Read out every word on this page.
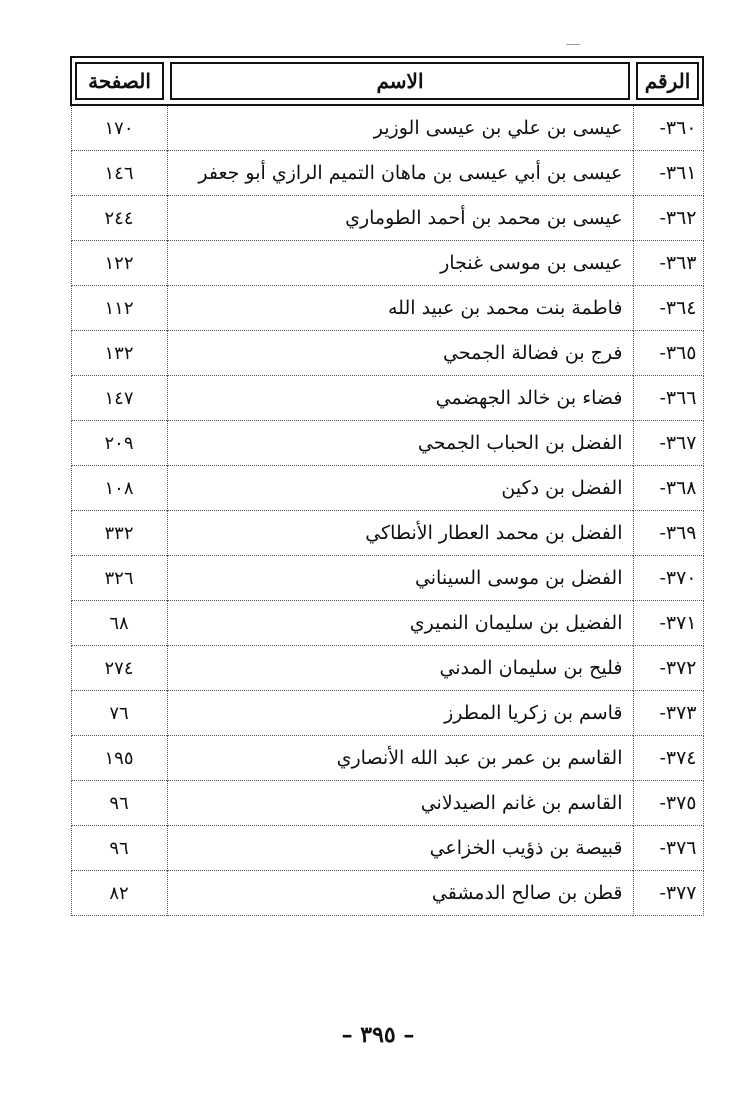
الرقم	الاسم	الصفحة

٣٦٠-	عيسى بن علي بن عيسى الوزير	١٧٠
٣٦١-	عيسى بن أبي عيسى بن ماهان التميم الرازي أبو جعفر	١٤٦
٣٦٢-	عيسى بن محمد بن أحمد الطوماري	٢٤٤
٣٦٣-	عيسى بن موسى غنجار	١٢٢
٣٦٤-	فاطمة بنت محمد بن عبيد الله	١١٢
٣٦٥-	فرج بن فضالة الجمحي	١٣٢
٣٦٦-	فضاء بن خالد الجهضمي	١٤٧
٣٦٧-	الفضل بن الحباب الجمحي	٢٠٩
٣٦٨-	الفضل بن دكين	١٠٨
٣٦٩-	الفضل بن محمد العطار الأنطاكي	٣٣٢
٣٧٠-	الفضل بن موسى السيناني	٣٢٦
٣٧١-	الفضيل بن سليمان النميري	٦٨
٣٧٢-	فليح بن سليمان المدني	٢٧٤
٣٧٣-	قاسم بن زكريا المطرز	٧٦
٣٧٤-	القاسم بن عمر بن عبد الله الأنصاري	١٩٥
٣٧٥-	القاسم بن غانم الصيدلاني	٩٦
٣٧٦-	قبيصة بن ذؤيب الخزاعي	٩٦
٣٧٧-	قطن بن صالح الدمشقي	٨٢
– ٣٩٥ –
